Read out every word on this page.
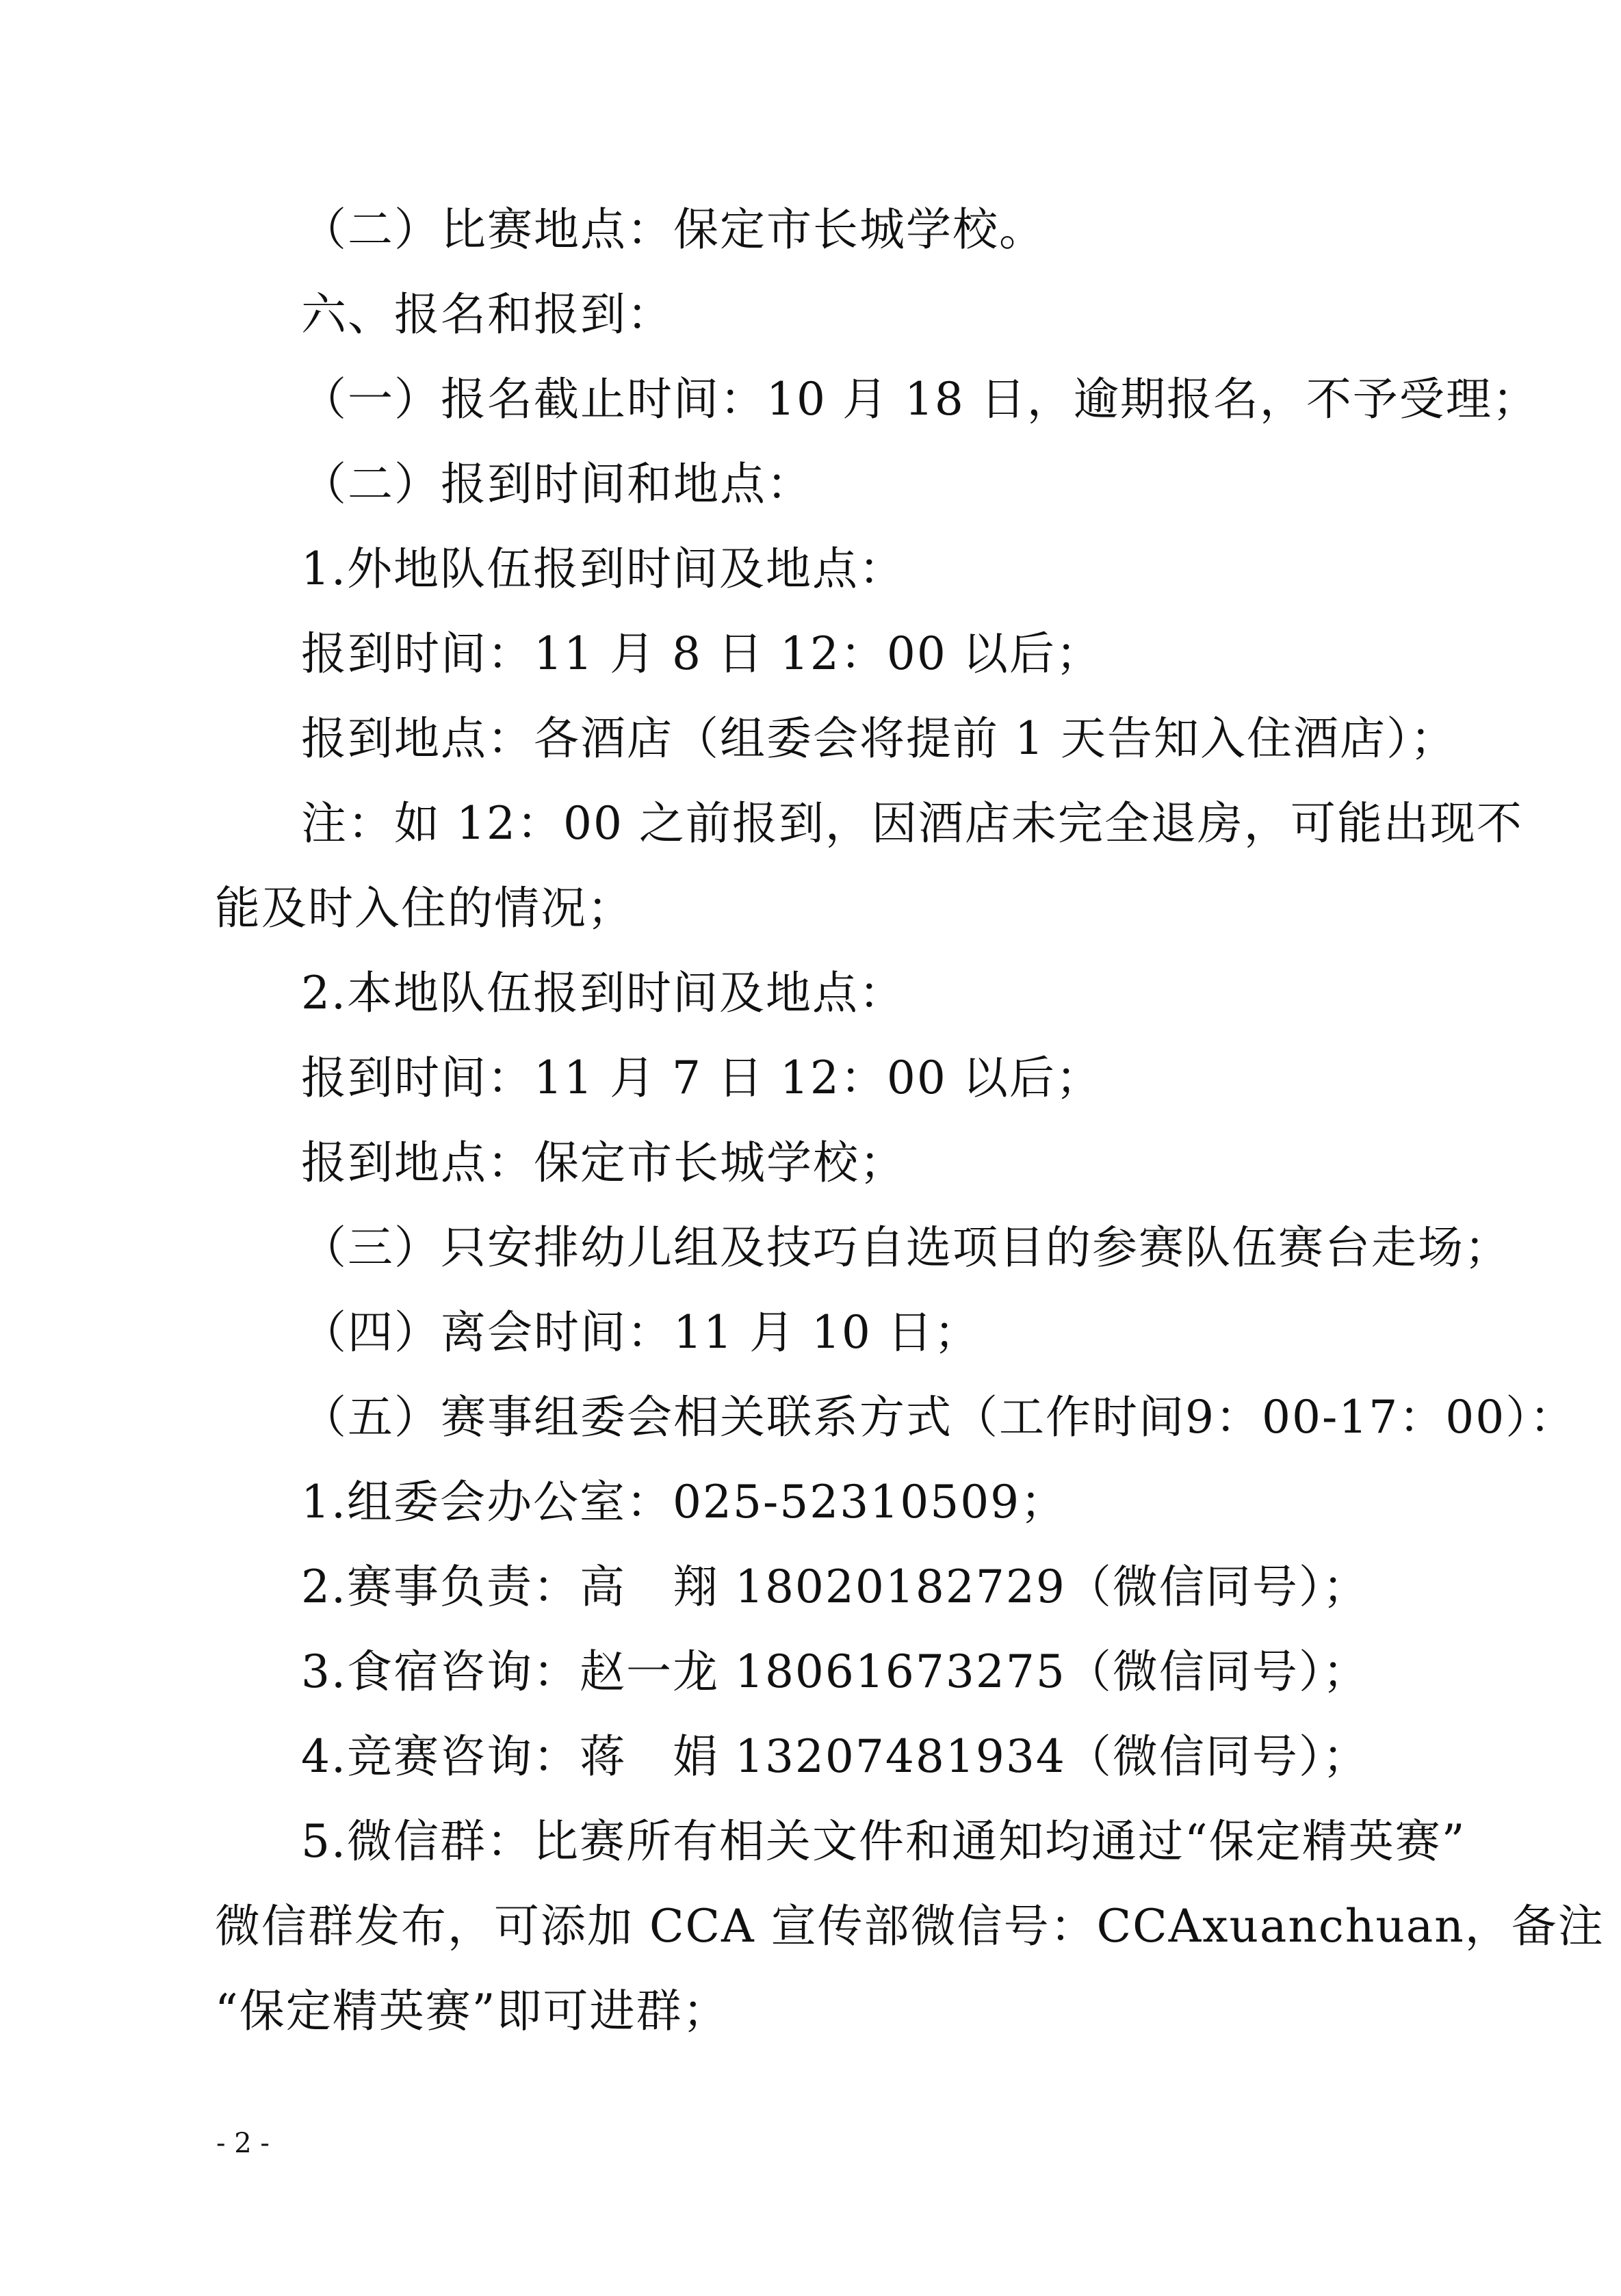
（二）比赛地点：保定市长城学校。
六、报名和报到：
（一）报名截止时间：10 月 18 日，逾期报名，不予受理；
（二）报到时间和地点：
1.外地队伍报到时间及地点：
报到时间：11 月 8 日 12：00 以后；
报到地点：各酒店（组委会将提前 1 天告知入住酒店）；
注：如 12：00 之前报到，因酒店未完全退房，可能出现不
能及时入住的情况；
2.本地队伍报到时间及地点：
报到时间：11 月 7 日 12：00 以后；
报到地点：保定市长城学校；
（三）只安排幼儿组及技巧自选项目的参赛队伍赛台走场；
（四）离会时间：11 月 10 日；
（五）赛事组委会相关联系方式（工作时间9：00-17：00）：
1.组委会办公室：025-52310509；
2.赛事负责：高　翔 18020182729（微信同号）；
3.食宿咨询：赵一龙 18061673275（微信同号）；
4.竞赛咨询：蒋　娟 13207481934（微信同号）；
5.微信群：比赛所有相关文件和通知均通过“保定精英赛”
微信群发布，可添加 CCA 宣传部微信号：CCAxuanchuan，备注
“保定精英赛”即可进群；
- 2 -
